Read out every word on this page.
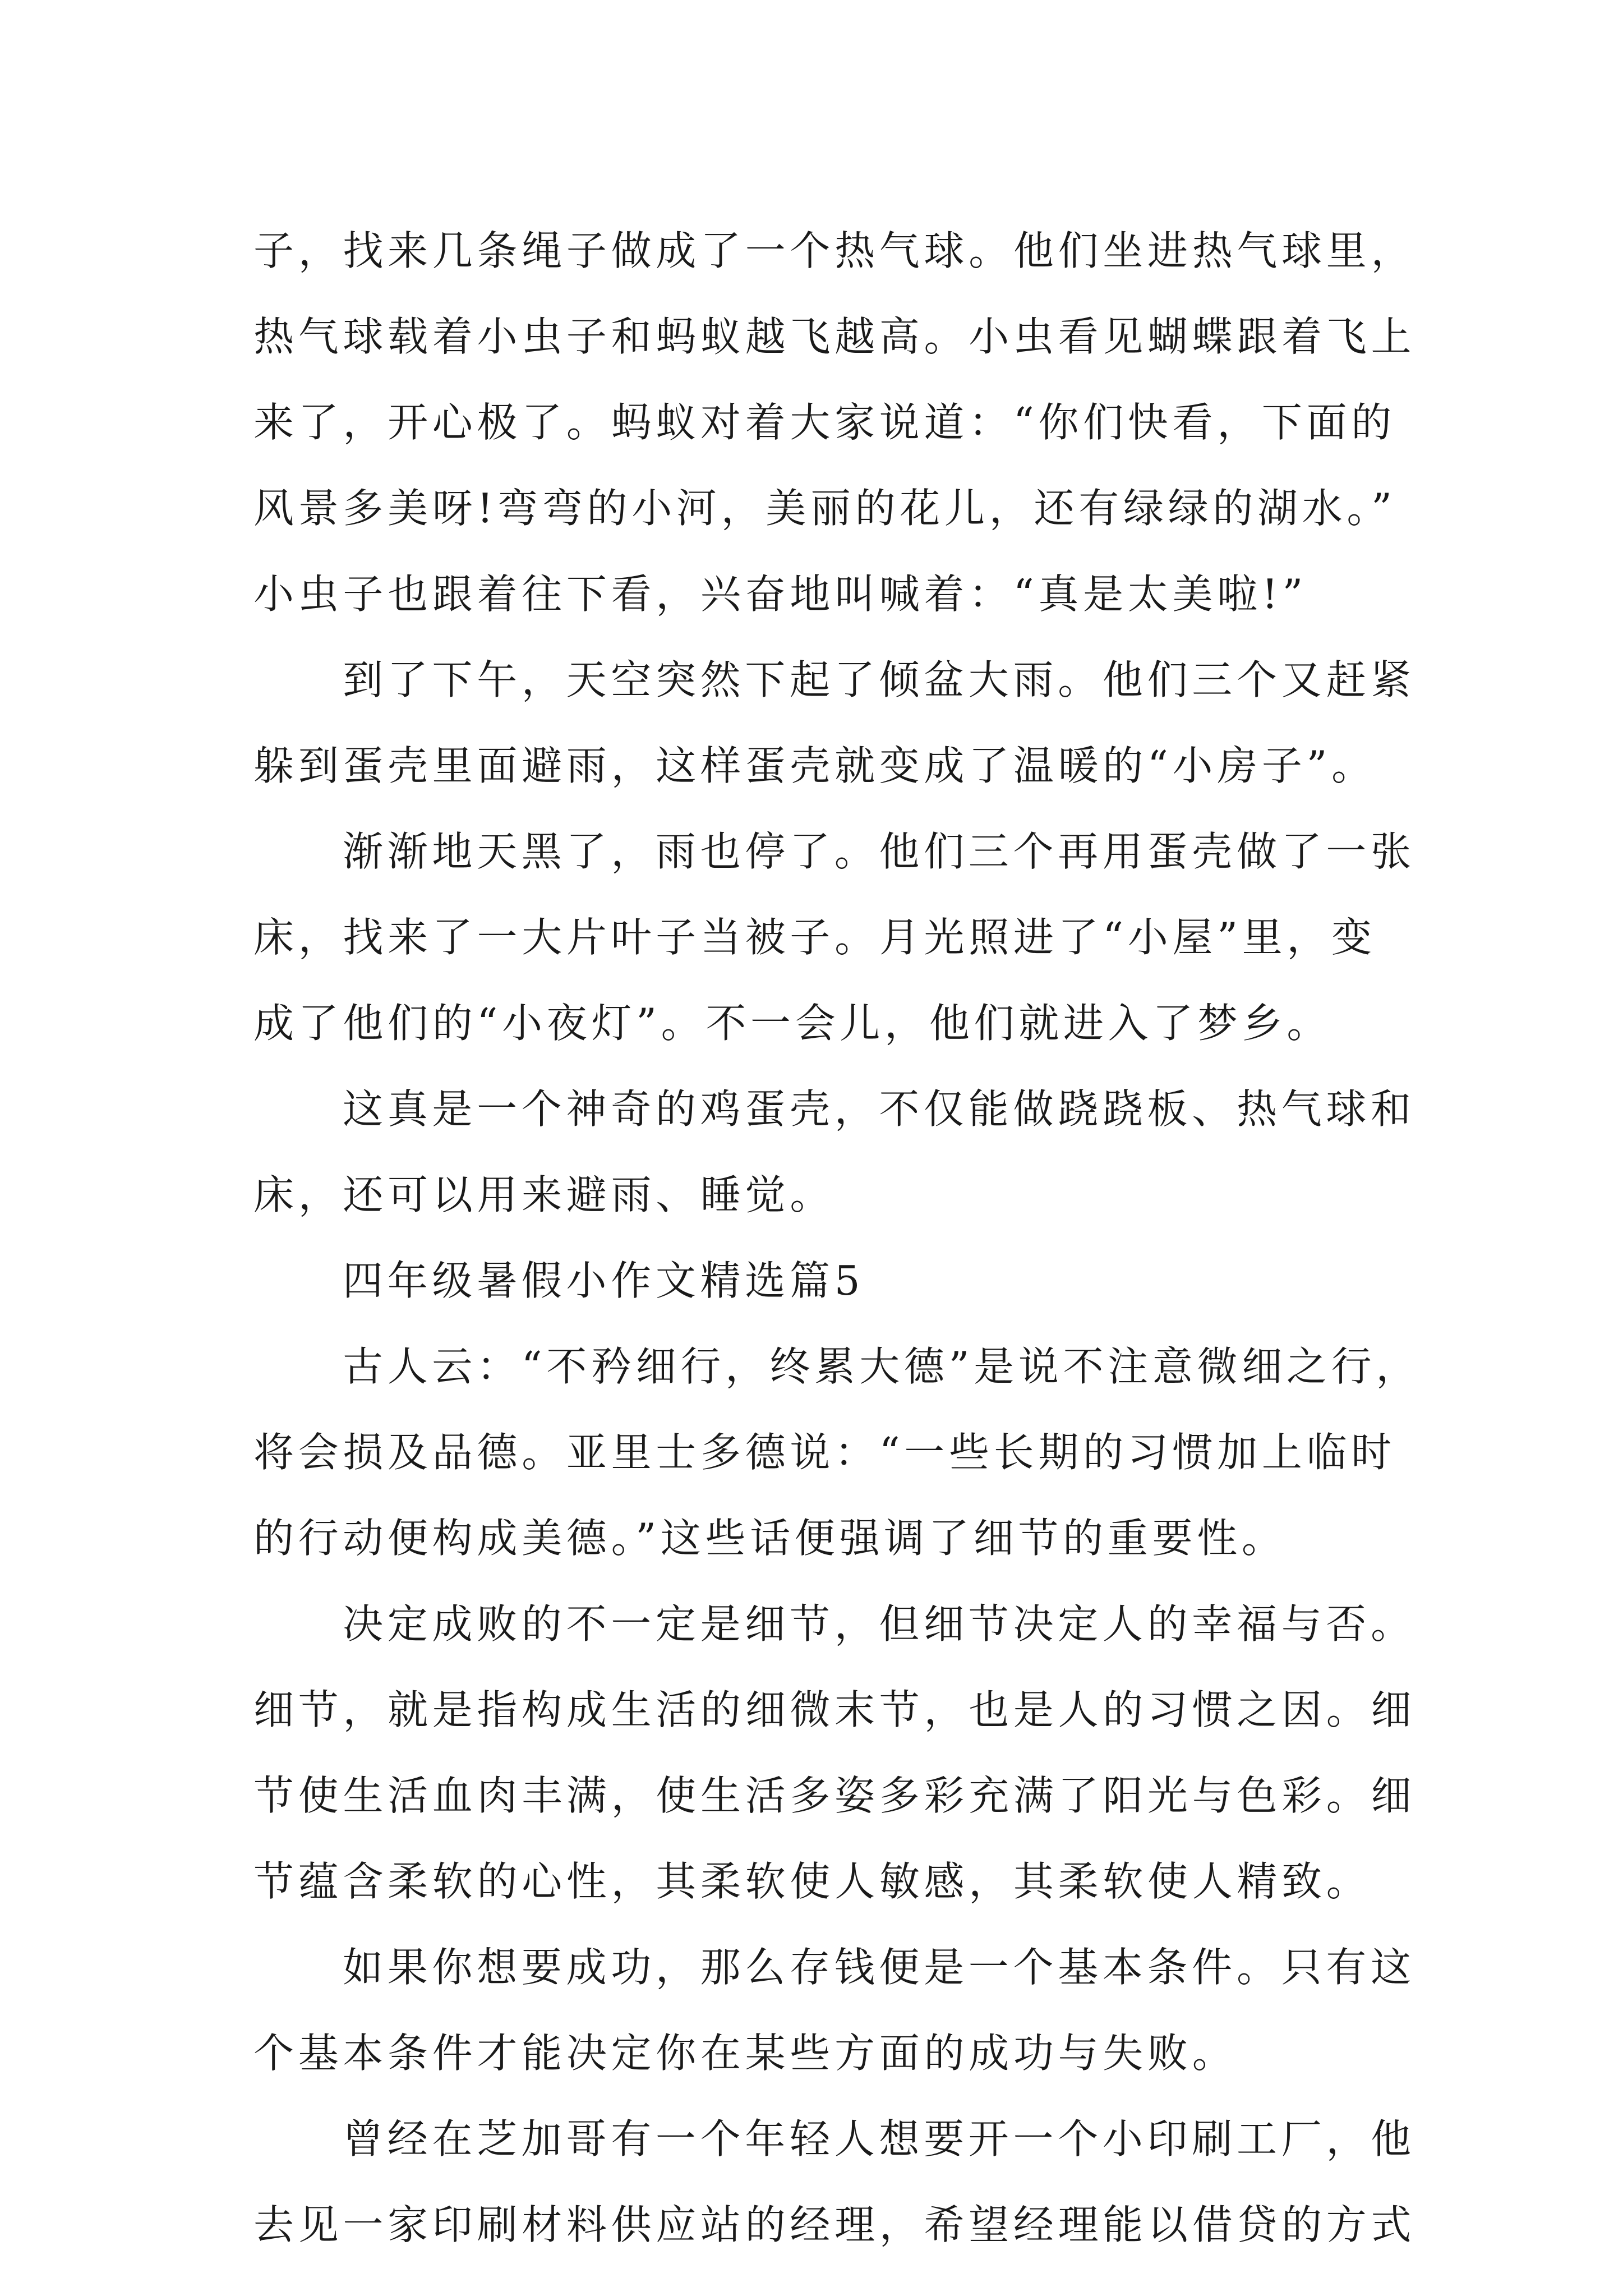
子，找来几条绳子做成了一个热气球。他们坐进热气球里，
热气球载着小虫子和蚂蚁越飞越高。小虫看见蝴蝶跟着飞上
来了，开心极了。蚂蚁对着大家说道：“你们快看，下面的
风景多美呀!弯弯的小河，美丽的花儿，还有绿绿的湖水。”
小虫子也跟着往下看，兴奋地叫喊着：“真是太美啦!”
到了下午，天空突然下起了倾盆大雨。他们三个又赶紧
躲到蛋壳里面避雨，这样蛋壳就变成了温暖的“小房子”。
渐渐地天黑了，雨也停了。他们三个再用蛋壳做了一张
床，找来了一大片叶子当被子。月光照进了“小屋”里，变
成了他们的“小夜灯”。不一会儿，他们就进入了梦乡。
这真是一个神奇的鸡蛋壳，不仅能做跷跷板、热气球和
床，还可以用来避雨、睡觉。
四年级暑假小作文精选篇5
古人云：“不矜细行，终累大德”是说不注意微细之行，
将会损及品德。亚里士多德说：“一些长期的习惯加上临时
的行动便构成美德。”这些话便强调了细节的重要性。
决定成败的不一定是细节，但细节决定人的幸福与否。
细节，就是指构成生活的细微末节，也是人的习惯之因。细
节使生活血肉丰满，使生活多姿多彩充满了阳光与色彩。细
节蕴含柔软的心性，其柔软使人敏感，其柔软使人精致。
如果你想要成功，那么存钱便是一个基本条件。只有这
个基本条件才能决定你在某些方面的成功与失败。
曾经在芝加哥有一个年轻人想要开一个小印刷工厂，他
去见一家印刷材料供应站的经理，希望经理能以借贷的方式
